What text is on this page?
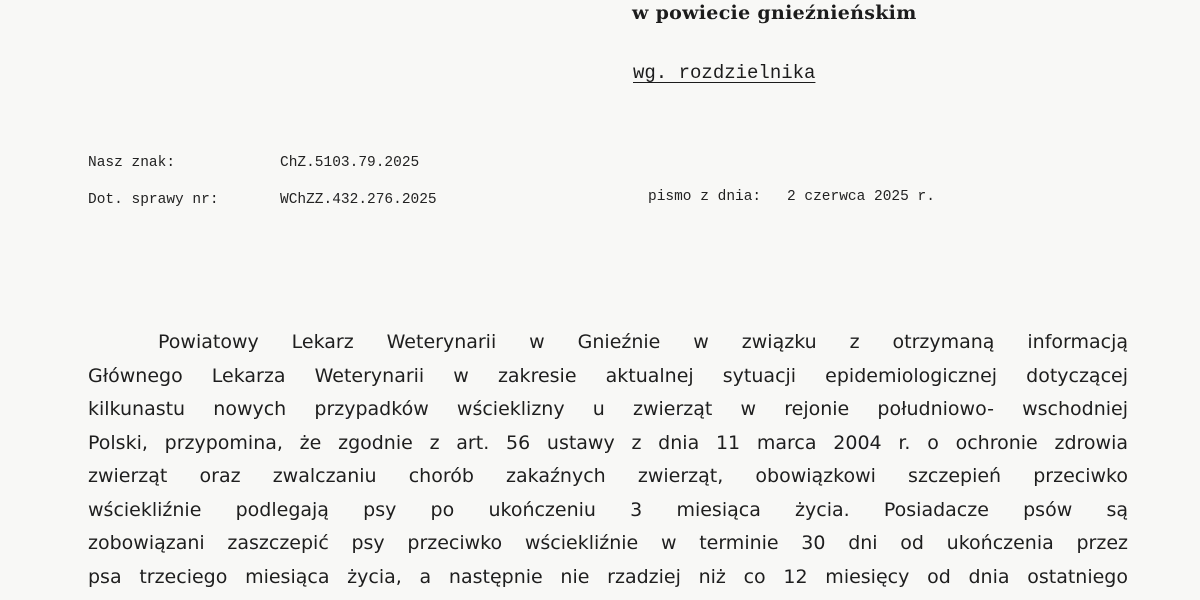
w powiecie gnieźnieńskim
wg. rozdzielnika
Nasz znak:	ChZ.5103.79.2025
Dot. sprawy nr:	WChZZ.432.276.2025	pismo z dnia: 2 czerwca 2025 r.
Powiatowy Lekarz Weterynarii w Gnieźnie w związku z otrzymaną informacją
Głównego Lekarza Weterynarii w zakresie aktualnej sytuacji epidemiologicznej dotyczącej
kilkunastu nowych przypadków wścieklizny u zwierząt w rejonie południowo- wschodniej
Polski, przypomina, że zgodnie z art. 56 ustawy z dnia 11 marca 2004 r. o ochronie zdrowia
zwierząt oraz zwalczaniu chorób zakaźnych zwierząt, obowiązkowi szczepień przeciwko
wściekliźnie podlegają psy po ukończeniu 3 miesiąca życia. Posiadacze psów są
zobowiązani zaszczepić psy przeciwko wściekliźnie w terminie 30 dni od ukończenia przez
psa trzeciego miesiąca życia, a następnie nie rzadziej niż co 12 miesięcy od dnia ostatniego
